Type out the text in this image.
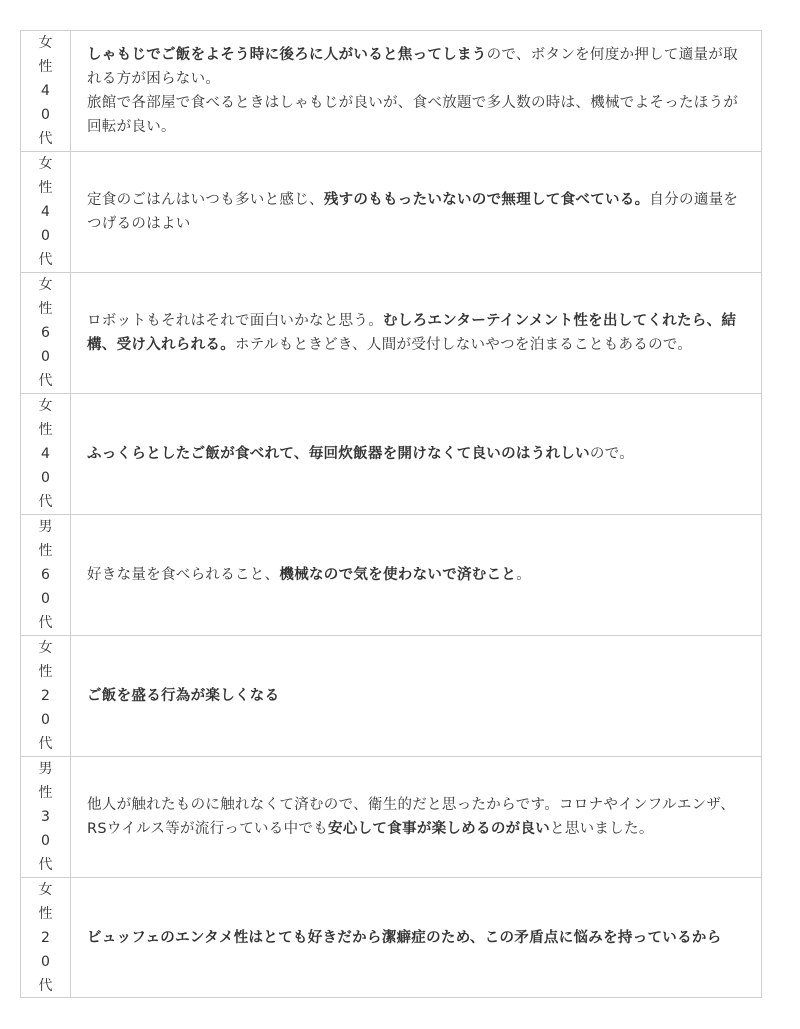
女
性
4
0
代

しゃもじでご飯をよそう時に後ろに人がいると焦ってしまうので、ボタンを何度か押して適量が取れる方が困らない。

旅館で各部屋で食べるときはしゃもじが良いが、食べ放題で多人数の時は、機械でよそったほうが回転が良い。

女
性
4
0
代

定食のごはんはいつも多いと感じ、残すのももったいないので無理して食べている。自分の適量をつげるのはよい

女
性
6
0
代

ロボットもそれはそれで面白いかなと思う。むしろエンターテインメント性を出してくれたら、結構、受け入れられる。ホテルもときどき、人間が受付しないやつを泊まることもあるので。

女
性
4
0
代

ふっくらとしたご飯が食べれて、毎回炊飯器を開けなくて良いのはうれしいので。

男
性
6
0
代

好きな量を食べられること、機械なので気を使わないで済むこと。

女
性
2
0
代

ご飯を盛る行為が楽しくなる

男
性
3
0
代

他人が触れたものに触れなくて済むので、衛生的だと思ったからです。コロナやインフルエンザ、RSウイルス等が流行っている中でも安心して食事が楽しめるのが良いと思いました。

女
性
2
0
代

ビュッフェのエンタメ性はとても好きだから潔癖症のため、この矛盾点に悩みを持っているから
